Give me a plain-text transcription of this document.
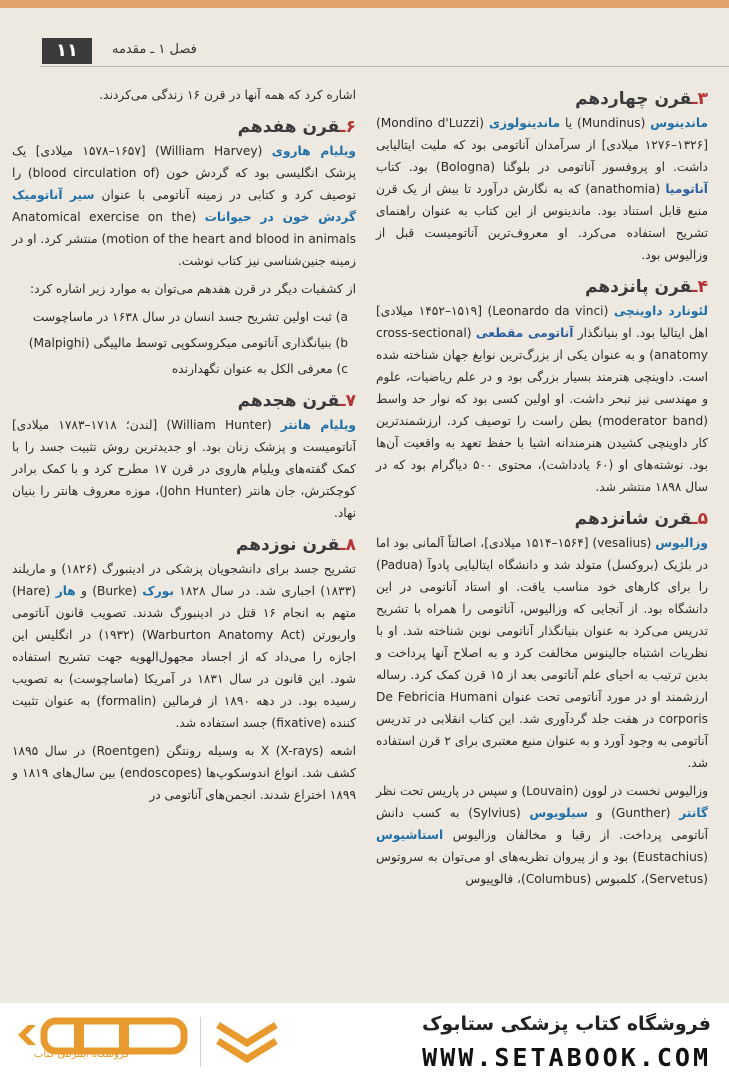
۱۱	فصل ۱ ـ مقدمه
۳ـقرن چهاردهم

ماندینوس (Mundinus) یا ماندینولوزی (Mondino d'Luzzi) [۱۲۷۶–۱۳۲۶ میلادی] از سرآمدان آناتومی بود که ملیت ایتالیایی داشت. او پروفسور آناتومی در بلوگنا (Bologna) بود. کتاب آناتومیا (anathomia) که به نگارش درآورد تا بیش از یک قرن منبع قابل استناد بود. ماندینوس از این کتاب به عنوان راهنمای تشریح استفاده می‌کرد. او معروف‌ترین آناتومیست قبل از وزالیوس بود.

۴ـقرن پانزدهم

لئونارد داوینچی (Leonardo da vinci) [۱۴۵۲–۱۵۱۹ میلادی] اهل ایتالیا بود. او بنیانگذار آناتومی مقطعی (cross-sectional anatomy) و به عنوان یکی از بزرگ‌ترین نوابغ جهان شناخته شده است. داوینچی هنرمند بسیار بزرگی بود و در علم ریاضیات، علوم و مهندسی نیز تبحر داشت. او اولین کسی بود که نوار حد واسط (moderator band) بطن راست را توصیف کرد. ارزشمندترین کار داوینچی کشیدن هنرمندانه اشیا با حفظ تعهد به واقعیت آن‌ها بود. نوشته‌های او (۶۰ یادداشت)، محتوی ۵۰۰ دیاگرام بود که در سال ۱۸۹۸ منتشر شد.

۵ـقرن شانزدهم

وزالیوس (vesalius) [۱۵۱۴–۱۵۶۴ میلادی]، اصالتاً آلمانی بود اما در بلژیک (بروکسل) متولد شد و دانشگاه ایتالیایی پادوآ (Padua) را برای کارهای خود مناسب یافت. او استاد آناتومی در این دانشگاه بود. از آنجایی که وزالیوس، آناتومی را همراه با تشریح تدریس می‌کرد به عنوان بنیانگذار آناتومی نوین شناخته شد. او با نظریات اشتباه جالینوس مخالفت کرد و به اصلاح آنها پرداخت و بدین ترتیب به احیای علم آناتومی بعد از ۱۵ قرن کمک کرد. رساله ارزشمند او در مورد آناتومی تحت عنوان De Febricia Humani corporis در هفت جلد گردآوری شد. این کتاب انقلابی در تدریس آناتومی به وجود آورد و به عنوان منبع معتبری برای ۲ قرن استفاده شد.

وزالیوس نخست در لوون (Louvain) و سپس در پاریس تحت نظر گانتر (Gunther) و سیلویوس (Sylvius) به کسب دانش آناتومی پرداخت. از رقبا و مخالفان وزالیوس استاشیوس (Eustachius) بود و از پیروان نظریه‌های او می‌توان به سروتوس (Servetus)، کلمبوس (Columbus)، فالوپیوس

اشاره کرد که همه آنها در قرن ۱۶ زندگی می‌کردند.

۶ـقرن هفدهم

ویلیام هاروی (William Harvey) [۱۵۷۸–۱۶۵۷ میلادی] یک پزشک انگلیسی بود که گردش خون (blood circulation of) را توصیف کرد و کتابی در زمینه آناتومی با عنوان سیر آناتومیک گردش خون در حیوانات (Anatomical exercise on the motion of the heart and blood in animals) منتشر کرد. او در زمینه جنین‌شناسی نیز کتاب نوشت.

از کشفیات دیگر در قرن هفدهم می‌توان به موارد زیر اشاره کرد:

a) ثبت اولین تشریح جسد انسان در سال ۱۶۳۸ در ماساچوست
b) بنیانگذاری آناتومی میکروسکوپی توسط مالپیگی (Malpighi)
c) معرفی الکل به عنوان نگهدارنده
۷ـقرن هجدهم

ویلیام هانتر (William Hunter) [لندن؛ ۱۷۱۸–۱۷۸۳ میلادی] آناتومیست و پزشک زنان بود. او جدیدترین روش تثبیت جسد را با کمک گفته‌های ویلیام هاروی در قرن ۱۷ مطرح کرد و با کمک برادر کوچکترش، جان هانتر (John Hunter)، موزه معروف هانتر را بنیان نهاد.

۸ـقرن نوزدهم

تشریح جسد برای دانشجویان پزشکی در ادینبورگ (۱۸۲۶) و ماریلند (۱۸۳۳) اجباری شد. در سال ۱۸۲۸ بورک (Burke) و هار (Hare) متهم به انجام ۱۶ قتل در ادینبورگ شدند. تصویب قانون آناتومی واربورتن (Warburton Anatomy Act) (۱۹۳۲) در انگلیس این اجازه را می‌داد که از اجساد مجهول‌الهویه جهت تشریح استفاده شود. این قانون در سال ۱۸۳۱ در آمریکا (ماساچوست) به تصویب رسیده بود. در دهه ۱۸۹۰ از فرمالین (formalin) به عنوان تثبیت کننده (fixative) جسد استفاده شد.

اشعه X (X-rays) به وسیله رونتگن (Roentgen) در سال ۱۸۹۵ کشف شد. انواع اندوسکوپ‌ها (endoscopes) بین سال‌های ۱۸۱۹ و ۱۸۹۹ اختراع شدند. انجمن‌های آناتومی در

فروشگاه اینترنتی کتاب
فروشگاه کتاب پزشکی ستابوک
WWW.SETABOOK.COM
